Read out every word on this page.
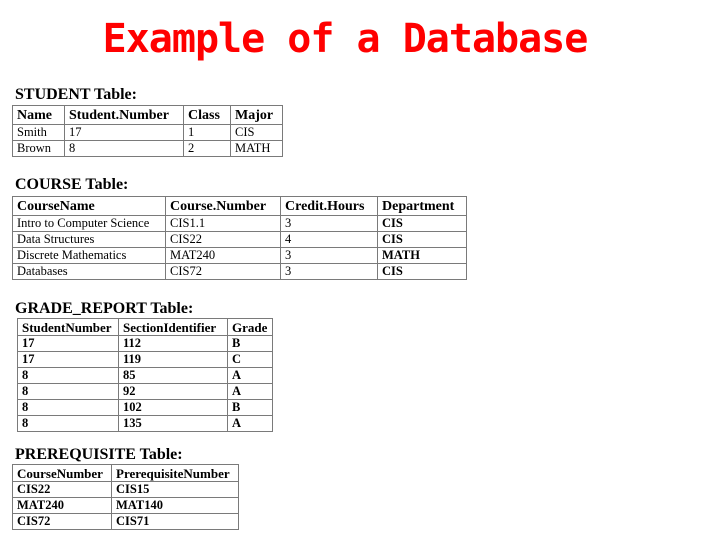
Example of a Database
STUDENT Table:
Name	Student.Number	Class	Major
Smith	17	1	CIS
Brown	8	2	MATH
COURSE Table:
CourseName	Course.Number	Credit.Hours	Department
Intro to Computer Science	CIS1.1	3	CIS
Data Structures	CIS22	4	CIS
Discrete Mathematics	MAT240	3	MATH
Databases	CIS72	3	CIS
GRADE_REPORT Table:
StudentNumber	SectionIdentifier	Grade
17	112	B
17	119	C
8	85	A
8	92	A
8	102	B
8	135	A
PREREQUISITE Table:
CourseNumber	PrerequisiteNumber
CIS22	CIS15
MAT240	MAT140
CIS72	CIS71
